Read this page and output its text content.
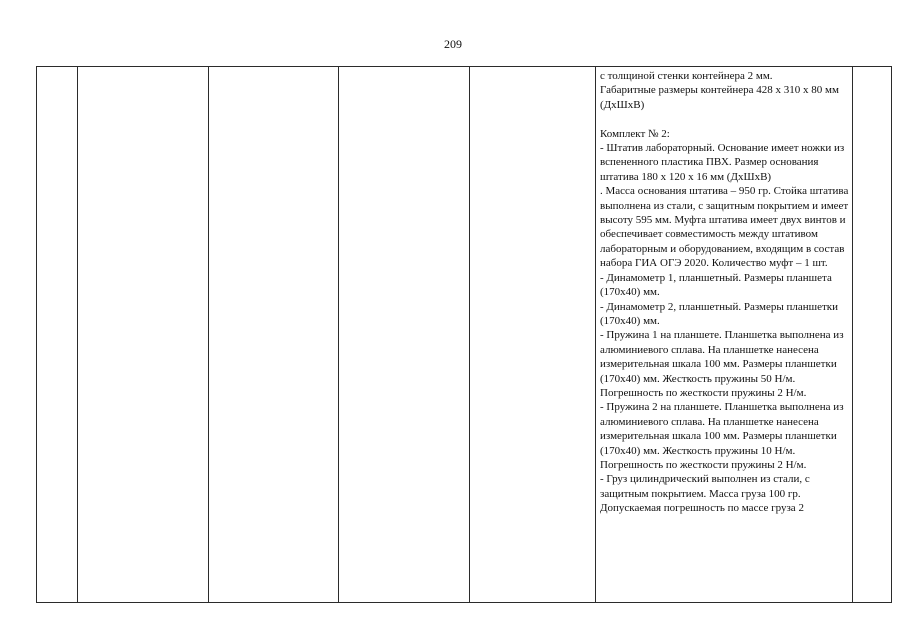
209

с толщиной стенки контейнера 2 мм.
Габаритные размеры контейнера 428 х 310 х 80 мм (ДхШхВ)

Комплект № 2:
- Штатив лабораторный. Основание имеет ножки из вспененного пластика ПВХ. Размер основания штатива 180 х 120 х 16 мм (ДхШхВ)
. Масса основания штатива – 950 гр. Стойка штатива выполнена из стали, с защитным покрытием и имеет высоту 595 мм. Муфта штатива имеет двух винтов и обеспечивает совместимость между штативом лабораторным и оборудованием, входящим в состав набора ГИА ОГЭ 2020. Количество муфт – 1 шт.
- Динамометр 1, планшетный. Размеры планшета (170х40) мм.
- Динамометр 2, планшетный. Размеры планшетки (170х40) мм.
- Пружина 1 на планшете. Планшетка выполнена из алюминиевого сплава. На планшетке нанесена измерительная шкала 100 мм. Размеры планшетки (170х40) мм. Жесткость пружины 50 Н/м. Погрешность по жесткости пружины 2 Н/м.
- Пружина 2 на планшете. Планшетка выполнена из алюминиевого сплава. На планшетке нанесена измерительная шкала 100 мм. Размеры планшетки (170х40) мм. Жесткость пружины 10 Н/м. Погрешность по жесткости пружины 2 Н/м.
- Груз цилиндрический выполнен из стали, с защитным покрытием. Масса груза 100 гр. Допускаемая погрешность по массе груза 2
